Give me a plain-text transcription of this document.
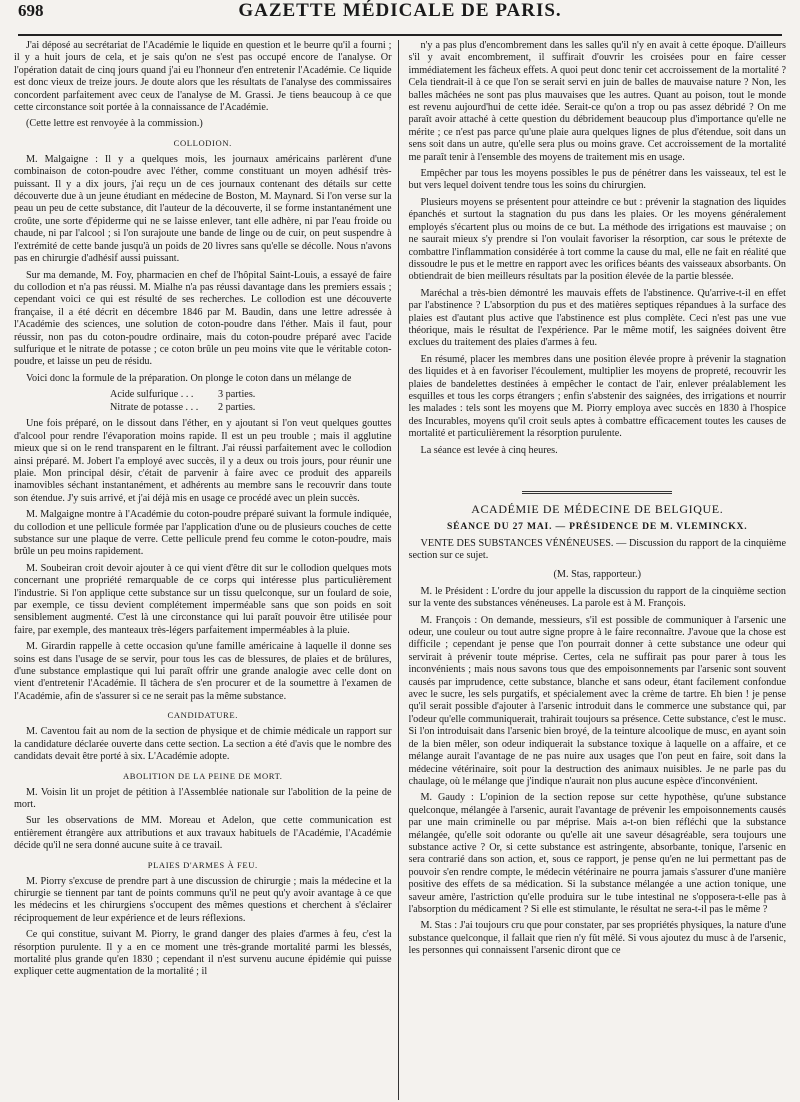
698	GAZETTE MÉDICALE DE PARIS.

J'ai déposé au secrétariat de l'Académie le liquide en question et le beurre qu'il a fourni ; il y a huit jours de cela, et je sais qu'on ne s'est pas occupé encore de l'analyse. Or l'opération datait de cinq jours quand j'ai eu l'honneur d'en entretenir l'Académie. Ce liquide est donc vieux de treize jours. Je doute alors que les résultats de l'analyse des commissaires concordent parfaitement avec ceux de l'analyse de M. Grassi. Je tiens beaucoup à ce que cette circonstance soit portée à la connaissance de l'Académie.

(Cette lettre est renvoyée à la commission.)
COLLODION.

M. Malgaigne : Il y a quelques mois, les journaux américains parlèrent d'une combinaison de coton-poudre avec l'éther, comme constituant un moyen adhésif très-puissant. Il y a dix jours, j'ai reçu un de ces journaux contenant des détails sur cette découverte due à un jeune étudiant en médecine de Boston, M. Maynard. Si l'on verse sur la peau un peu de cette substance, dit l'auteur de la découverte, il se forme instantanément une croûte, une sorte d'épiderme qui ne se laisse enlever, tant elle adhère, ni par l'eau froide ou chaude, ni par l'alcool ; si l'on surajoute une bande de linge ou de cuir, on peut suspendre à l'extrémité de cette bande jusqu'à un poids de 20 livres sans qu'elle se décolle. Nous n'avons pas en chirurgie d'adhésif aussi puissant.

Sur ma demande, M. Foy, pharmacien en chef de l'hôpital Saint-Louis, a essayé de faire du collodion et n'a pas réussi. M. Mialhe n'a pas réussi davantage dans les premiers essais ; cependant voici ce qui est résulté de ses recherches. Le collodion est une découverte française, il a été décrit en décembre 1846 par M. Baudin, dans une lettre adressée à l'Académie des sciences, une solution de coton-poudre dans l'éther. Mais il faut, pour réussir, non pas du coton-poudre ordinaire, mais du coton-poudre préparé avec l'acide sulfurique et le nitrate de potasse ; ce coton brûle un peu moins vite que le véritable coton-poudre, et laisse un peu de résidu.

Voici donc la formule de la préparation. On plonge le coton dans un mélange de

Acide sulfurique . . .	3 parties.
Nitrate de potasse . . .	2 parties.

Une fois préparé, on le dissout dans l'éther, en y ajoutant si l'on veut quelques gouttes d'alcool pour rendre l'évaporation moins rapide. Il est un peu trouble ; mais il agglutine mieux que si on le rend transparent en le filtrant. J'ai réussi parfaitement avec le collodion ainsi préparé. M. Jobert l'a employé avec succès, il y a deux ou trois jours, pour réunir une plaie. Mon principal désir, c'était de parvenir à faire avec ce produit des appareils inamovibles séchant instantanément, et adhérents au membre sans le recouvrir dans toute son étendue. J'y suis arrivé, et j'ai déjà mis en usage ce procédé avec un plein succès.

M. Malgaigne montre à l'Académie du coton-poudre préparé suivant la formule indiquée, du collodion et une pellicule formée par l'application d'une ou de plusieurs couches de cette substance sur une plaque de verre. Cette pellicule prend feu comme le coton-poudre, mais brûle un peu moins rapidement.

M. Soubeiran croit devoir ajouter à ce qui vient d'être dit sur le collodion quelques mots concernant une propriété remarquable de ce corps qui intéresse plus particulièrement l'industrie. Si l'on applique cette substance sur un tissu quelconque, sur un foulard de soie, par exemple, ce tissu devient complétement imperméable sans que son poids en soit sensiblement augmenté. C'est là une circonstance qui lui paraît pouvoir être utilisée pour faire, par exemple, des manteaux très-légers parfaitement imperméables à la pluie.

M. Girardin rappelle à cette occasion qu'une famille américaine à laquelle il donne ses soins est dans l'usage de se servir, pour tous les cas de blessures, de plaies et de brûlures, d'une substance emplastique qui lui paraît offrir une grande analogie avec celle dont on vient d'entretenir l'Académie. Il tâchera de s'en procurer et de la soumettre à l'examen de l'Académie, afin de s'assurer si ce ne serait pas la même substance.

CANDIDATURE.

M. Caventou fait au nom de la section de physique et de chimie médicale un rapport sur la candidature déclarée ouverte dans cette section. La section a été d'avis que le nombre des candidats devait être porté à six. L'Académie adopte.

ABOLITION DE LA PEINE DE MORT.

M. Voisin lit un projet de pétition à l'Assemblée nationale sur l'abolition de la peine de mort.

Sur les observations de MM. Moreau et Adelon, que cette communication est entièrement étrangère aux attributions et aux travaux habituels de l'Académie, l'Académie décide qu'il ne sera donné aucune suite à ce travail.

PLAIES D'ARMES À FEU.

M. Piorry s'excuse de prendre part à une discussion de chirurgie ; mais la médecine et la chirurgie se tiennent par tant de points communs qu'il ne peut qu'y avoir avantage à ce que les médecins et les chirurgiens s'occupent des mêmes questions et cherchent à s'éclairer réciproquement de leur expérience et de leurs réflexions.

Ce qui constitue, suivant M. Piorry, le grand danger des plaies d'armes à feu, c'est la résorption purulente. Il y a en ce moment une très-grande mortalité parmi les blessés, mortalité plus grande qu'en 1830 ; cependant il n'est survenu aucune épidémie qui puisse expliquer cette augmentation de la mortalité ; il

n'y a pas plus d'encombrement dans les salles qu'il n'y en avait à cette époque. D'ailleurs s'il y avait encombrement, il suffirait d'ouvrir les croisées pour en faire cesser immédiatement les fâcheux effets. A quoi peut donc tenir cet accroissement de la mortalité ? Cela tiendrait-il à ce que l'on se serait servi en juin de balles de mauvaise nature ? Non, les balles mâchées ne sont pas plus mauvaises que les autres. Quant au poison, tout le monde est revenu aujourd'hui de cette idée. Serait-ce qu'on a trop ou pas assez débridé ? On me paraît avoir attaché à cette question du débridement beaucoup plus d'importance qu'elle ne mérite ; ce n'est pas parce qu'une plaie aura quelques lignes de plus d'étendue, soit dans un sens soit dans un autre, qu'elle sera plus ou moins grave. Cet accroissement de la mortalité me paraît tenir à l'ensemble des moyens de traitement mis en usage.

Empêcher par tous les moyens possibles le pus de pénétrer dans les vaisseaux, tel est le but vers lequel doivent tendre tous les soins du chirurgien.

Plusieurs moyens se présentent pour atteindre ce but : prévenir la stagnation des liquides épanchés et surtout la stagnation du pus dans les plaies. Or les moyens généralement employés s'écartent plus ou moins de ce but. La méthode des irrigations est mauvaise ; on ne saurait mieux s'y prendre si l'on voulait favoriser la résorption, car sous le prétexte de combattre l'inflammation considérée à tort comme la cause du mal, elle ne fait en réalité que dissoudre le pus et le mettre en rapport avec les orifices béants des vaisseaux absorbants. On obtiendrait de bien meilleurs résultats par la position élevée de la partie blessée.

Maréchal a très-bien démontré les mauvais effets de l'abstinence. Qu'arrive-t-il en effet par l'abstinence ? L'absorption du pus et des matières septiques répandues à la surface des plaies est d'autant plus active que l'abstinence est plus complète. Ceci n'est pas une vue théorique, mais le résultat de l'expérience. Par le même motif, les saignées doivent être exclues du traitement des plaies d'armes à feu.

En résumé, placer les membres dans une position élevée propre à prévenir la stagnation des liquides et à en favoriser l'écoulement, multiplier les moyens de propreté, recouvrir les plaies de bandelettes destinées à empêcher le contact de l'air, enlever préalablement les esquilles et tous les corps étrangers ; enfin s'abstenir des saignées, des irrigations et nourrir les malades : tels sont les moyens que M. Piorry employa avec succès en 1830 à l'hospice des Incurables, moyens qu'il croit seuls aptes à combattre efficacement toutes les causes de mortalité et particulièrement la résorption purulente.

La séance est levée à cinq heures.

ACADÉMIE DE MÉDECINE DE BELGIQUE.
SÉANCE DU 27 MAI. — PRÉSIDENCE DE M. VLEMINCKX.

VENTE DES SUBSTANCES VÉNÉNEUSES. — Discussion du rapport de la cinquième section sur ce sujet.

(M. Stas, rapporteur.)

M. le Président : L'ordre du jour appelle la discussion du rapport de la cinquième section sur la vente des substances vénéneuses. La parole est à M. François.

M. François : On demande, messieurs, s'il est possible de communiquer à l'arsenic une odeur, une couleur ou tout autre signe propre à le faire reconnaître. J'avoue que la chose est difficile ; cependant je pense que l'on pourrait donner à cette substance une odeur qui servirait à prévenir toute méprise. Certes, cela ne suffirait pas pour parer à tous les inconvénients ; mais nous savons tous que des empoisonnements par l'arsenic sont souvent causés par imprudence, cette substance, blanche et sans odeur, étant facilement confondue avec le sucre, les sels purgatifs, et spécialement avec la crème de tartre. Eh bien ! je pense qu'il serait possible d'ajouter à l'arsenic introduit dans le commerce une substance qui, par l'odeur qu'elle communiquerait, trahirait toujours sa présence. Cette substance, c'est le musc. Si l'on introduisait dans l'arsenic bien broyé, de la teinture alcoolique de musc, en ayant soin de la bien mêler, son odeur indiquerait la substance toxique à laquelle on a affaire, et ce mélange aurait l'avantage de ne pas nuire aux usages que l'on peut en faire, soit dans la médecine vétérinaire, soit pour la destruction des animaux nuisibles. Je ne parle pas du chaulage, où le mélange que j'indique n'aurait non plus aucune espèce d'inconvénient.

M. Gaudy : L'opinion de la section repose sur cette hypothèse, qu'une substance quelconque, mélangée à l'arsenic, aurait l'avantage de prévenir les empoisonnements causés par une main criminelle ou par méprise. Mais a-t-on bien réfléchi que la substance mélangée, qu'elle soit odorante ou qu'elle ait une saveur désagréable, sera toujours une substance active ? Or, si cette substance est astringente, absorbante, tonique, l'arsenic en sera contrarié dans son action, et, sous ce rapport, je pense qu'en ne lui permettant pas de pouvoir s'en rendre compte, le médecin vétérinaire ne pourra jamais s'assurer d'une manière positive des effets de sa médication. Si la substance mélangée a une action tonique, une saveur amère, l'astriction qu'elle produira sur le tube intestinal ne s'opposera-t-elle pas à l'absorption du médicament ? Si elle est stimulante, le résultat ne sera-t-il pas le même ?

M. Stas : J'ai toujours cru que pour constater, par ses propriétés physiques, la nature d'une substance quelconque, il fallait que rien n'y fût mêlé. Si vous ajoutez du musc à de l'arsenic, les personnes qui connaissent l'arsenic diront que ce
